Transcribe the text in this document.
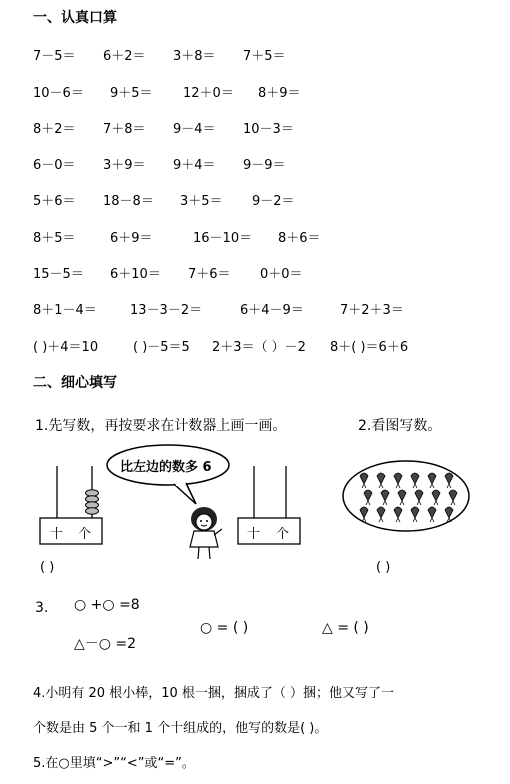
一、认真口算
7－5＝ 6＋2＝ 3＋8＝ 7＋5＝
10－6＝ 9＋5＝ 12＋0＝ 8＋9＝
8＋2＝ 7＋8＝ 9－4＝ 10－3＝
6－0＝ 3＋9＝ 9＋4＝ 9－9＝
5＋6＝ 18－8＝ 3＋5＝ 9－2＝
8＋5＝	6＋9＝	16－10＝ 8＋6＝
15－5＝ 6＋10＝ 7＋6＝ 0＋0＝
8＋1－4＝	13－3－2＝	6＋4－9＝	7＋2＋3＝
( )＋4＝10	( )－5＝5 2＋3＝（ ）－2 8＋( )＝6＋6
二、细心填写
1.先写数，再按要求在计数器上画一画。	2.看图写数。
十 个
( )
比左边的数多 6
十 个
( )
3. ○ +○ =8
△－○ =2
○ = ( )	△ = ( )
4.小明有 20 根小棒，10 根一捆，捆成了（ ）捆；他又写了一
个数是由 5 个一和 1 个十组成的，他写的数是( )。
5.在○里填“>”“<”或“=”。
